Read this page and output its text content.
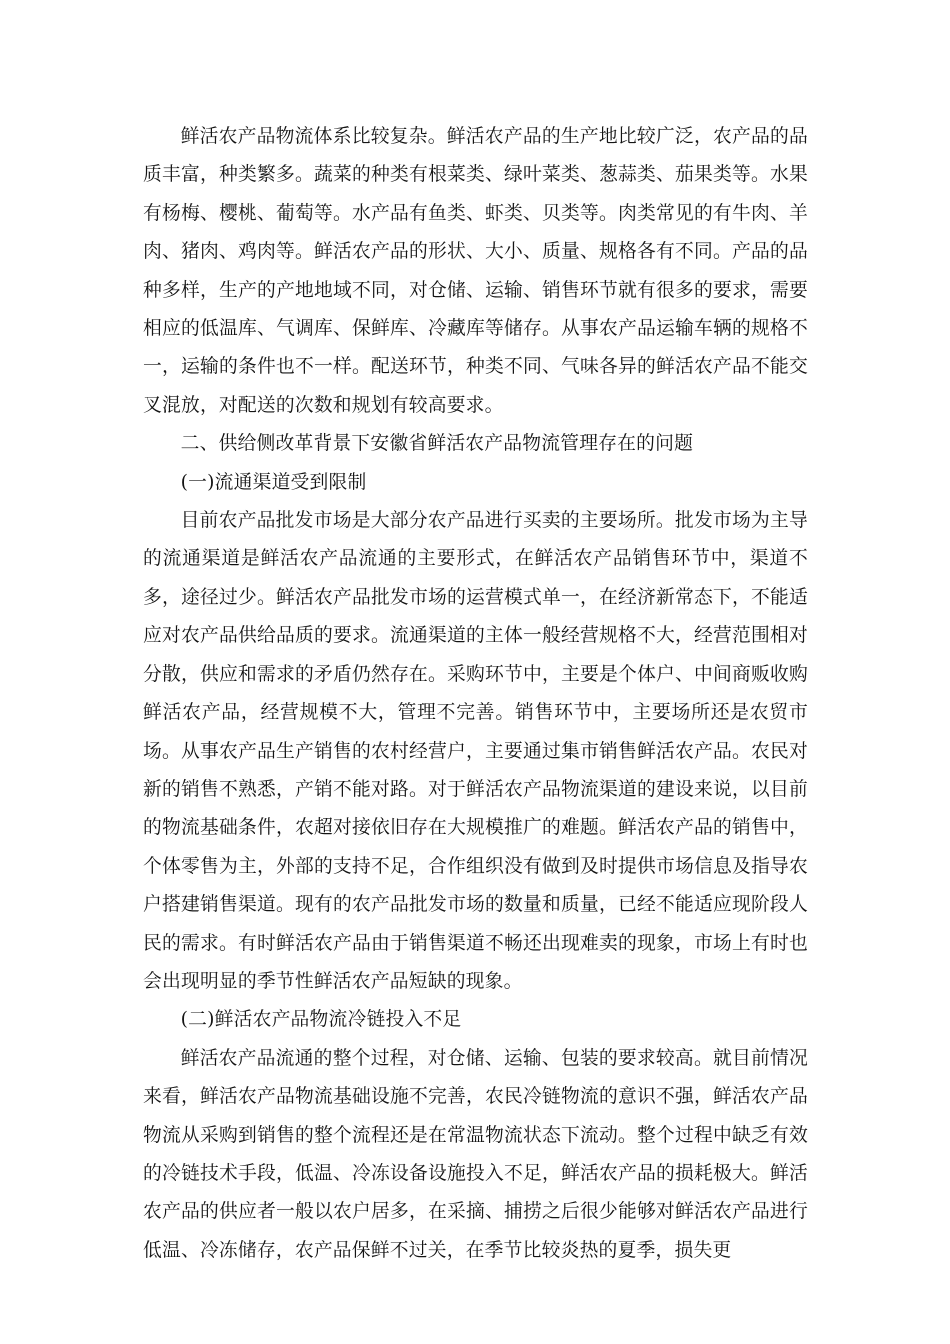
鲜活农产品物流体系比较复杂。鲜活农产品的生产地比较广泛，农产品的品质丰富，种类繁多。蔬菜的种类有根菜类、绿叶菜类、葱蒜类、茄果类等。水果有杨梅、樱桃、葡萄等。水产品有鱼类、虾类、贝类等。肉类常见的有牛肉、羊肉、猪肉、鸡肉等。鲜活农产品的形状、大小、质量、规格各有不同。产品的品种多样，生产的产地地域不同，对仓储、运输、销售环节就有很多的要求，需要相应的低温库、气调库、保鲜库、冷藏库等储存。从事农产品运输车辆的规格不一，运输的条件也不一样。配送环节，种类不同、气味各异的鲜活农产品不能交叉混放，对配送的次数和规划有较高要求。

二、供给侧改革背景下安徽省鲜活农产品物流管理存在的问题
(一)流通渠道受到限制

目前农产品批发市场是大部分农产品进行买卖的主要场所。批发市场为主导的流通渠道是鲜活农产品流通的主要形式，在鲜活农产品销售环节中，渠道不多，途径过少。鲜活农产品批发市场的运营模式单一，在经济新常态下，不能适应对农产品供给品质的要求。流通渠道的主体一般经营规格不大，经营范围相对分散，供应和需求的矛盾仍然存在。采购环节中，主要是个体户、中间商贩收购鲜活农产品，经营规模不大，管理不完善。销售环节中，主要场所还是农贸市场。从事农产品生产销售的农村经营户，主要通过集市销售鲜活农产品。农民对新的销售不熟悉，产销不能对路。对于鲜活农产品物流渠道的建设来说，以目前的物流基础条件，农超对接依旧存在大规模推广的难题。鲜活农产品的销售中，个体零售为主，外部的支持不足，合作组织没有做到及时提供市场信息及指导农户搭建销售渠道。现有的农产品批发市场的数量和质量，已经不能适应现阶段人民的需求。有时鲜活农产品由于销售渠道不畅还出现难卖的现象，市场上有时也会出现明显的季节性鲜活农产品短缺的现象。

(二)鲜活农产品物流冷链投入不足

鲜活农产品流通的整个过程，对仓储、运输、包装的要求较高。就目前情况来看，鲜活农产品物流基础设施不完善，农民冷链物流的意识不强，鲜活农产品物流从采购到销售的整个流程还是在常温物流状态下流动。整个过程中缺乏有效的冷链技术手段，低温、冷冻设备设施投入不足，鲜活农产品的损耗极大。鲜活农产品的供应者一般以农户居多，在采摘、捕捞之后很少能够对鲜活农产品进行低温、冷冻储存，农产品保鲜不过关，在季节比较炎热的夏季，损失更
